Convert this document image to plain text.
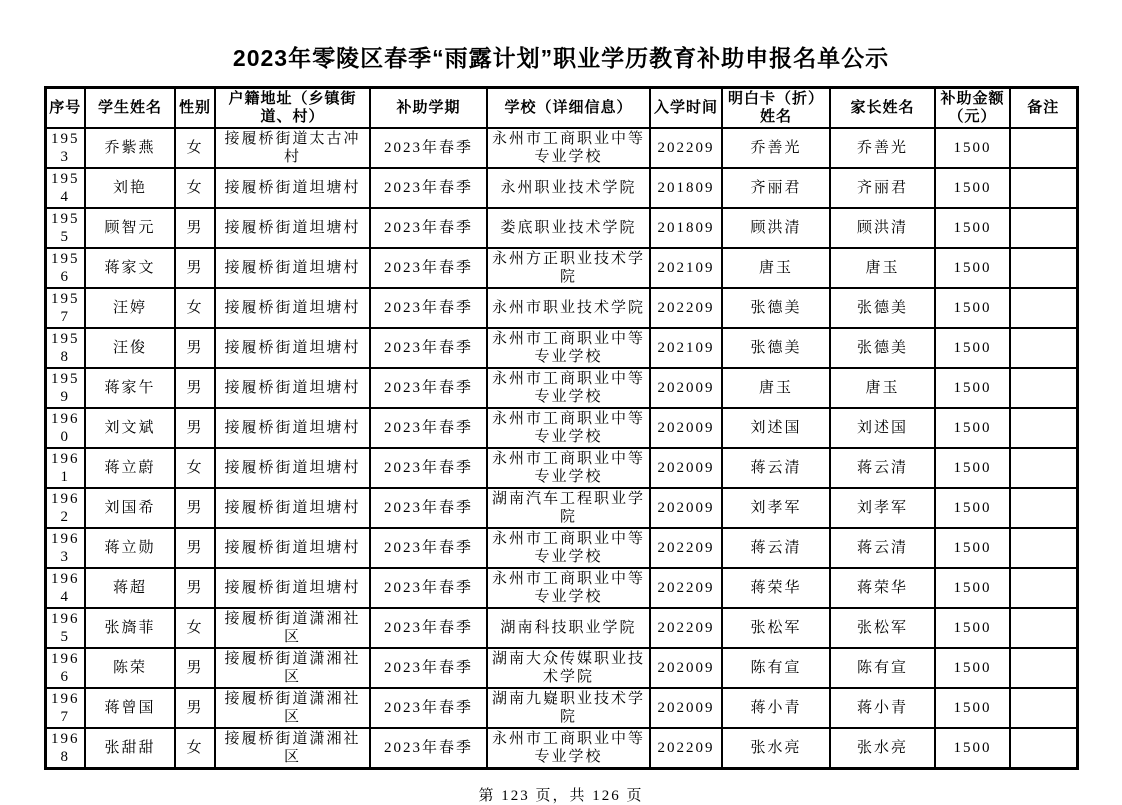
2023年零陵区春季“雨露计划”职业学历教育补助申报名单公示
序号	学生姓名	性别	户籍地址（乡镇街道、村）	补助学期	学校（详细信息）	入学时间	明白卡（折）姓名	家长姓名	补助金额（元）	备注
1953	乔紫燕	女	接履桥街道太古冲村	2023年春季	永州市工商职业中等专业学校	202209	乔善光	乔善光	1500	
1954	刘艳	女	接履桥街道坦塘村	2023年春季	永州职业技术学院	201809	齐丽君	齐丽君	1500	
1955	顾智元	男	接履桥街道坦塘村	2023年春季	娄底职业技术学院	201809	顾洪清	顾洪清	1500	
1956	蒋家文	男	接履桥街道坦塘村	2023年春季	永州方正职业技术学院	202109	唐玉	唐玉	1500	
1957	汪婷	女	接履桥街道坦塘村	2023年春季	永州市职业技术学院	202209	张德美	张德美	1500	
1958	汪俊	男	接履桥街道坦塘村	2023年春季	永州市工商职业中等专业学校	202109	张德美	张德美	1500	
1959	蒋家午	男	接履桥街道坦塘村	2023年春季	永州市工商职业中等专业学校	202009	唐玉	唐玉	1500	
1960	刘文斌	男	接履桥街道坦塘村	2023年春季	永州市工商职业中等专业学校	202009	刘述国	刘述国	1500	
1961	蒋立蔚	女	接履桥街道坦塘村	2023年春季	永州市工商职业中等专业学校	202009	蒋云清	蒋云清	1500	
1962	刘国希	男	接履桥街道坦塘村	2023年春季	湖南汽车工程职业学院	202009	刘孝军	刘孝军	1500	
1963	蒋立勋	男	接履桥街道坦塘村	2023年春季	永州市工商职业中等专业学校	202209	蒋云清	蒋云清	1500	
1964	蒋超	男	接履桥街道坦塘村	2023年春季	永州市工商职业中等专业学校	202209	蒋荣华	蒋荣华	1500	
1965	张旖菲	女	接履桥街道潇湘社区	2023年春季	湖南科技职业学院	202209	张松军	张松军	1500	
1966	陈荣	男	接履桥街道潇湘社区	2023年春季	湖南大众传媒职业技术学院	202009	陈有宣	陈有宣	1500	
1967	蒋曾国	男	接履桥街道潇湘社区	2023年春季	湖南九嶷职业技术学院	202009	蒋小青	蒋小青	1500	
1968	张甜甜	女	接履桥街道潇湘社区	2023年春季	永州市工商职业中等专业学校	202209	张水亮	张水亮	1500	
第 123 页，共 126 页
